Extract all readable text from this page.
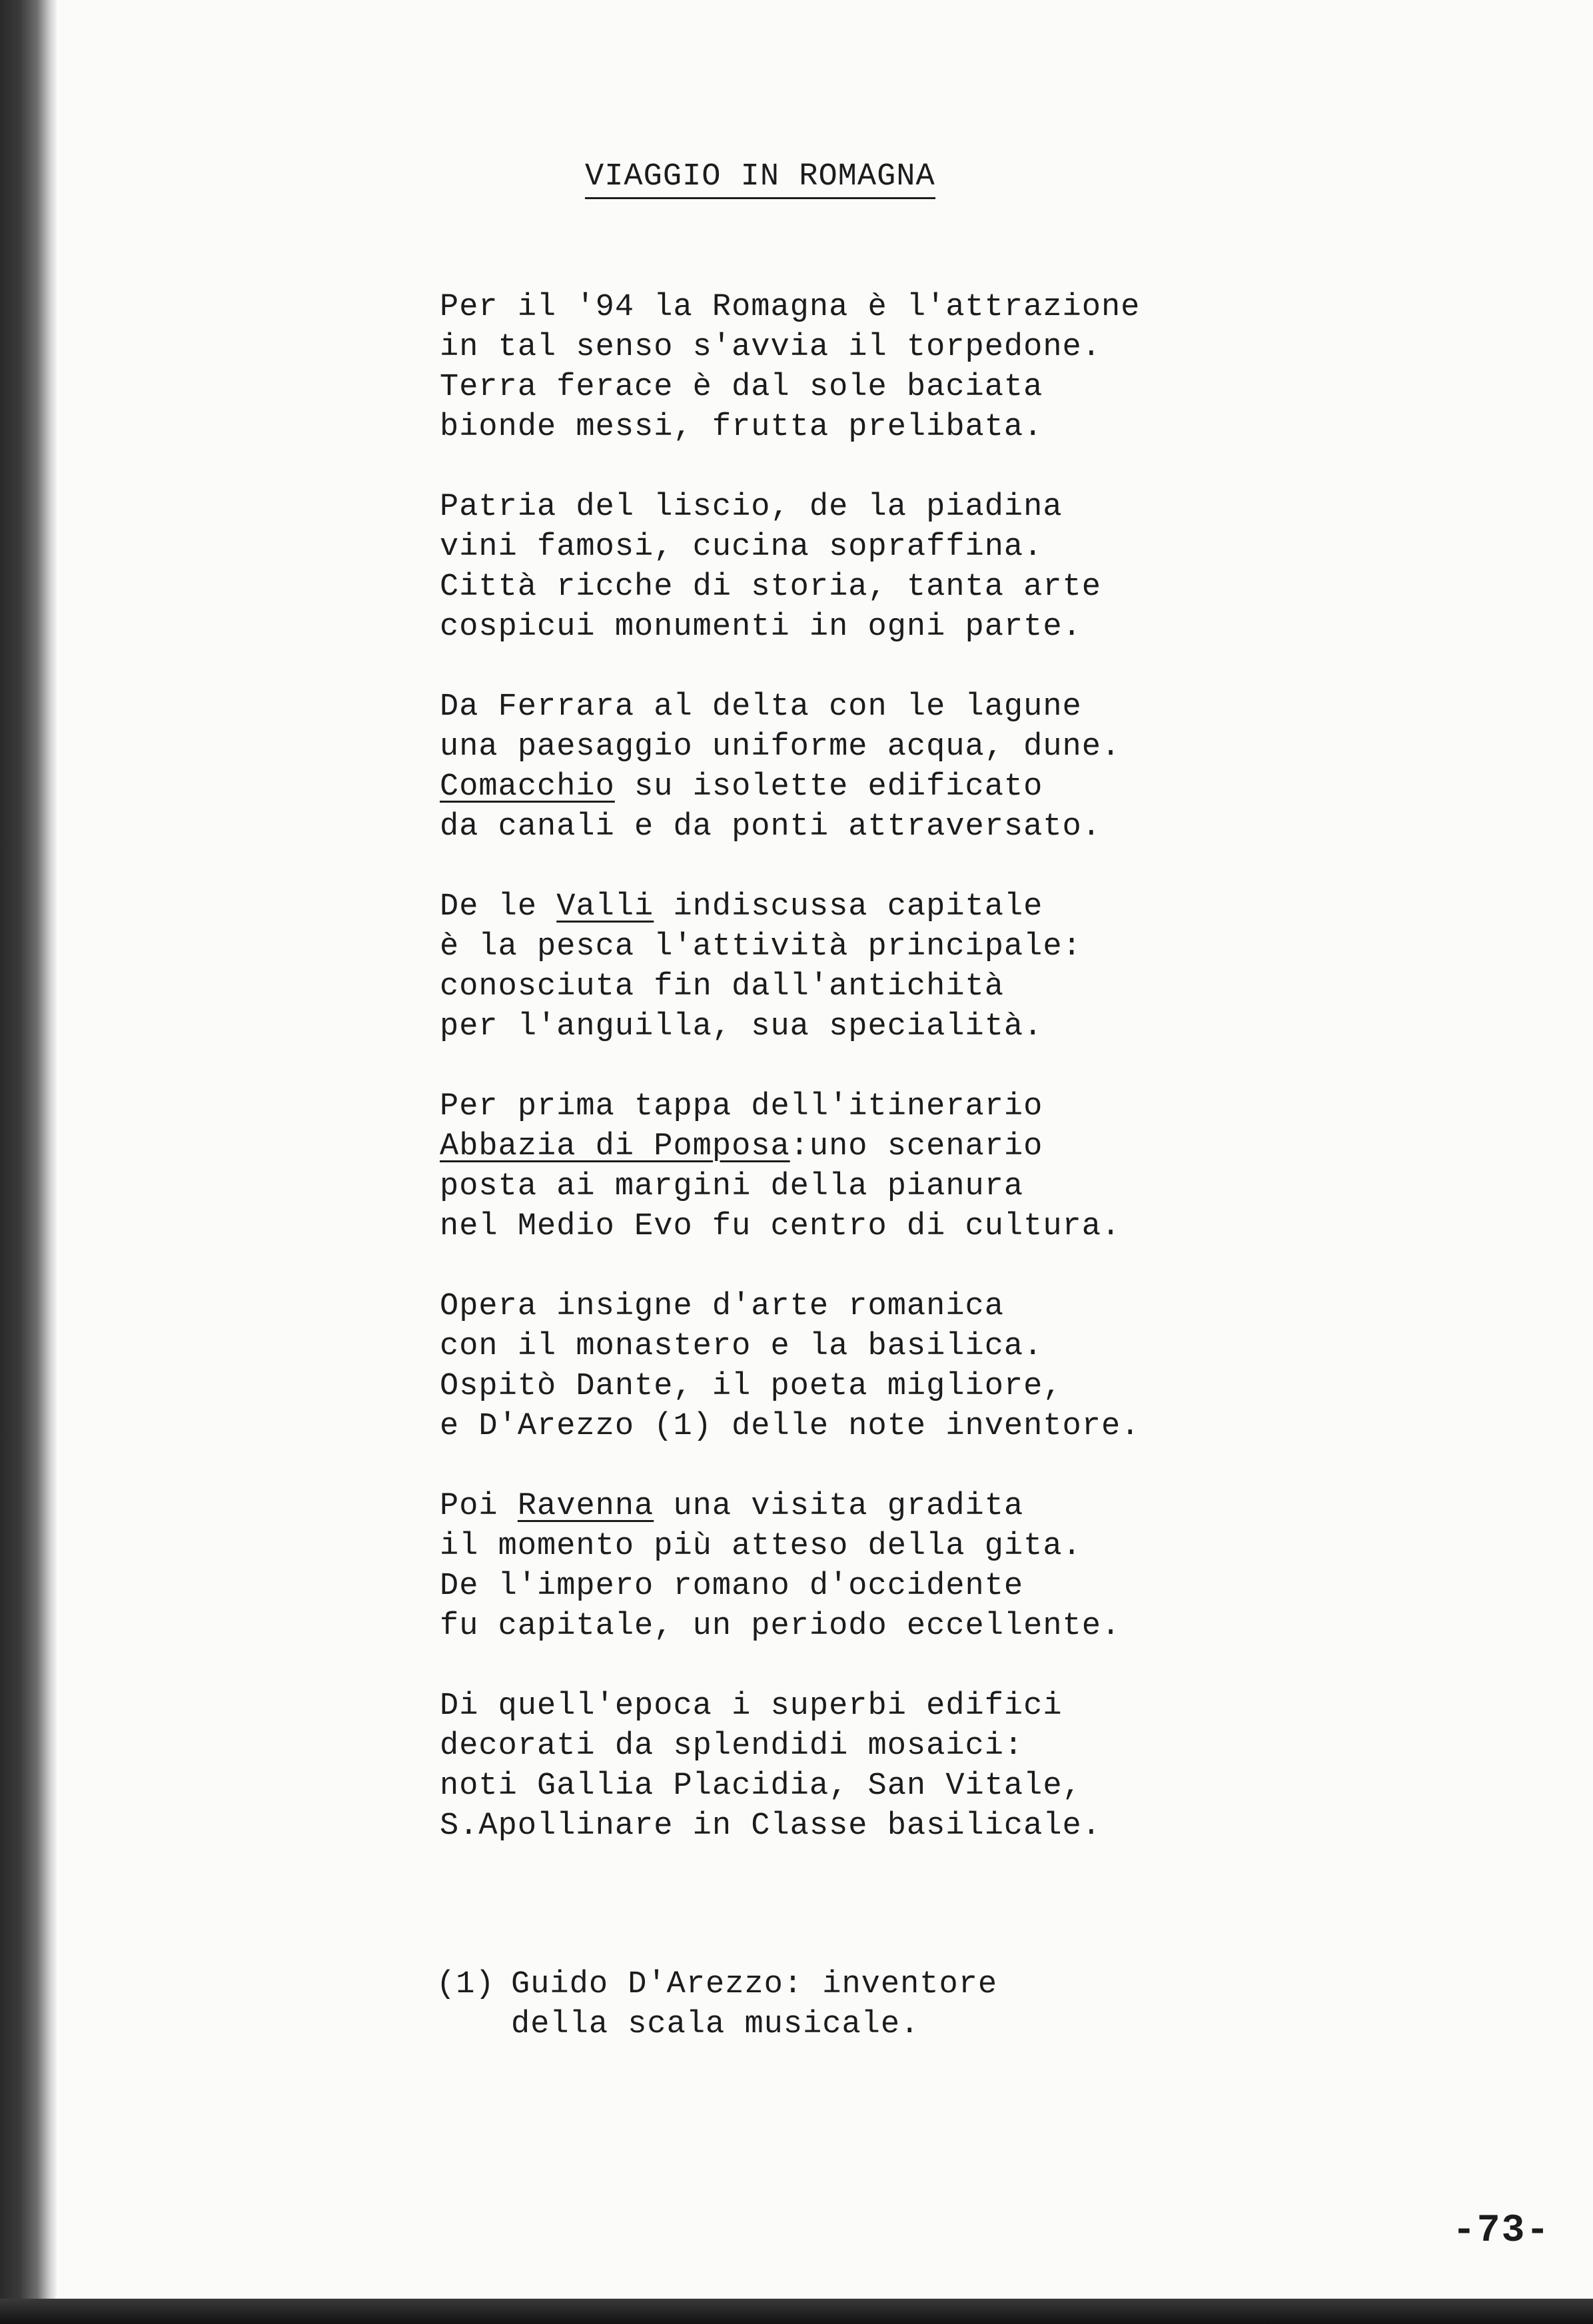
VIAGGIO IN ROMAGNA
Per il '94 la Romagna è l'attrazione
in tal senso s'avvia il torpedone.
Terra ferace è dal sole baciata
bionde messi, frutta prelibata.
Patria del liscio, de la piadina
vini famosi, cucina sopraffina.
Città ricche di storia, tanta arte
cospicui monumenti in ogni parte.
Da Ferrara al delta con le lagune
una paesaggio uniforme acqua, dune.
Comacchio su isolette edificato
da canali e da ponti attraversato.
De le Valli indiscussa capitale
è la pesca l'attività principale:
conosciuta fin dall'antichità
per l'anguilla, sua specialità.
Per prima tappa dell'itinerario
Abbazia di Pomposa:uno scenario
posta ai margini della pianura
nel Medio Evo fu centro di cultura.
Opera insigne d'arte romanica
con il monastero e la basilica.
Ospitò Dante, il poeta migliore,
e D'Arezzo (1) delle note inventore.
Poi Ravenna una visita gradita
il momento più atteso della gita.
De l'impero romano d'occidente
fu capitale, un periodo eccellente.
Di quell'epoca i superbi edifici
decorati da splendidi mosaici:
noti Gallia Placidia, San Vitale,
S.Apollinare in Classe basilicale.
(1) Guido D'Arezzo: inventore
della scala musicale.
-73-
